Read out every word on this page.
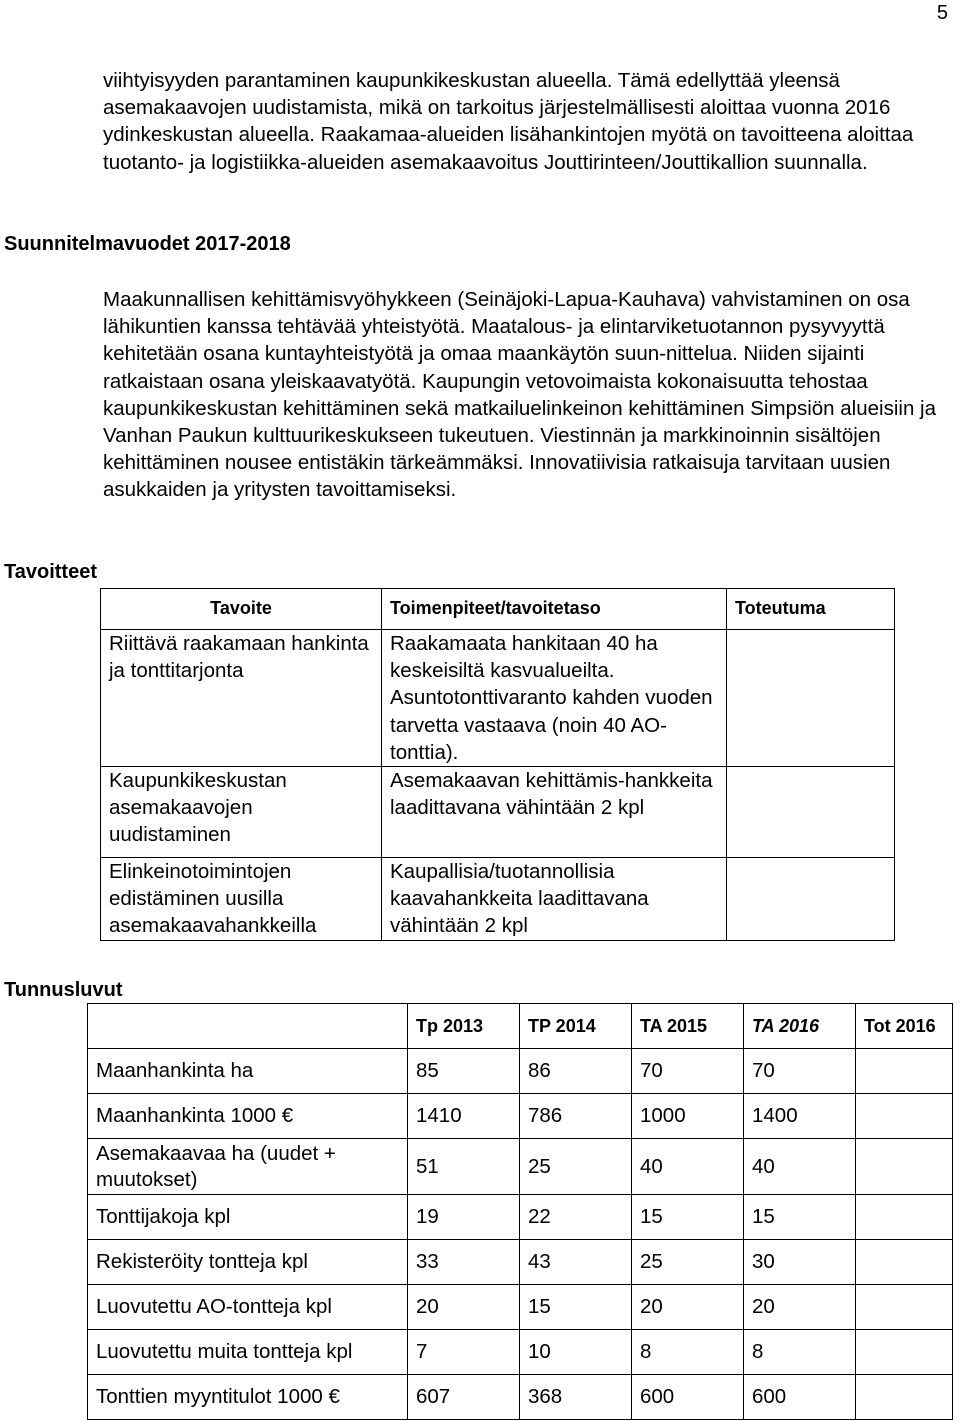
5

viihtyisyyden parantaminen kaupunkikeskustan alueella. Tämä edellyttää yleensä asemakaavojen uudistamista, mikä on tarkoitus järjestelmällisesti aloittaa vuonna 2016 ydinkeskustan alueella. Raakamaa-alueiden lisähankintojen myötä on tavoitteena aloittaa tuotanto- ja logistiikka-alueiden asemakaavoitus Jouttirinteen/Jouttikallion suunnalla.

Suunnitelmavuodet 2017-2018

Maakunnallisen kehittämisvyöhykkeen (Seinäjoki-Lapua-Kauhava) vahvistaminen on osa lähikuntien kanssa tehtävää yhteistyötä. Maatalous- ja elintarviketuotannon pysyvyyttä kehitetään osana kuntayhteistyötä ja omaa maankäytön suun-nittelua. Niiden sijainti ratkaistaan osana yleiskaavatyötä. Kaupungin vetovoimaista kokonaisuutta tehostaa kaupunkikeskustan kehittäminen sekä matkailuelinkeinon kehittäminen Simpsiön alueisiin ja Vanhan Paukun kulttuurikeskukseen tukeutuen. Viestinnän ja markkinoinnin sisältöjen kehittäminen nousee entistäkin tärkeämmäksi. Innovatiivisia ratkaisuja tarvitaan uusien asukkaiden ja yritysten tavoittamiseksi.

Tavoitteet
Tavoite	Toimenpiteet/tavoitetaso	Toteutuma
Riittävä raakamaan hankinta ja tonttitarjonta	Raakamaata hankitaan 40 ha keskeisiltä kasvualueilta. Asuntotonttivaranto kahden vuoden tarvetta vastaava (noin 40 AO- tonttia).	
Kaupunkikeskustan asemakaavojen uudistaminen	Asemakaavan kehittämis-hankkeita laadittavana vähintään 2 kpl	
Elinkeinotoimintojen edistäminen uusilla asemakaavahankkeilla	Kaupallisia/tuotannollisia kaavahankkeita laadittavana vähintään 2 kpl	
Tunnusluvut
	Tp 2013	TP 2014	TA 2015	TA 2016	Tot 2016
Maanhankinta ha	85	86	70	70	
Maanhankinta 1000 €	1410	786	1000	1400	
Asemakaavaa ha (uudet + muutokset)	51	25	40	40	
Tonttijakoja kpl	19	22	15	15	
Rekisteröity tontteja kpl	33	43	25	30	
Luovutettu AO-tontteja kpl	20	15	20	20	
Luovutettu muita tontteja kpl	7	10	8	8	
Tonttien myyntitulot 1000 €	607	368	600	600	
